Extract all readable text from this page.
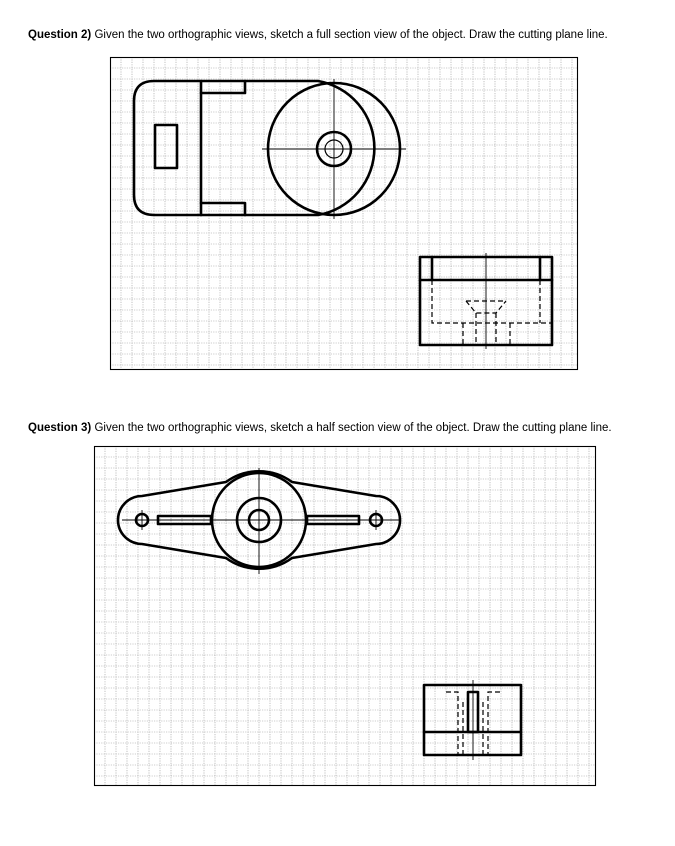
Question 2) Given the two orthographic views, sketch a full section view of the object. Draw the cutting plane line.
Question 3) Given the two orthographic views, sketch a half section view of the object. Draw the cutting plane line.
